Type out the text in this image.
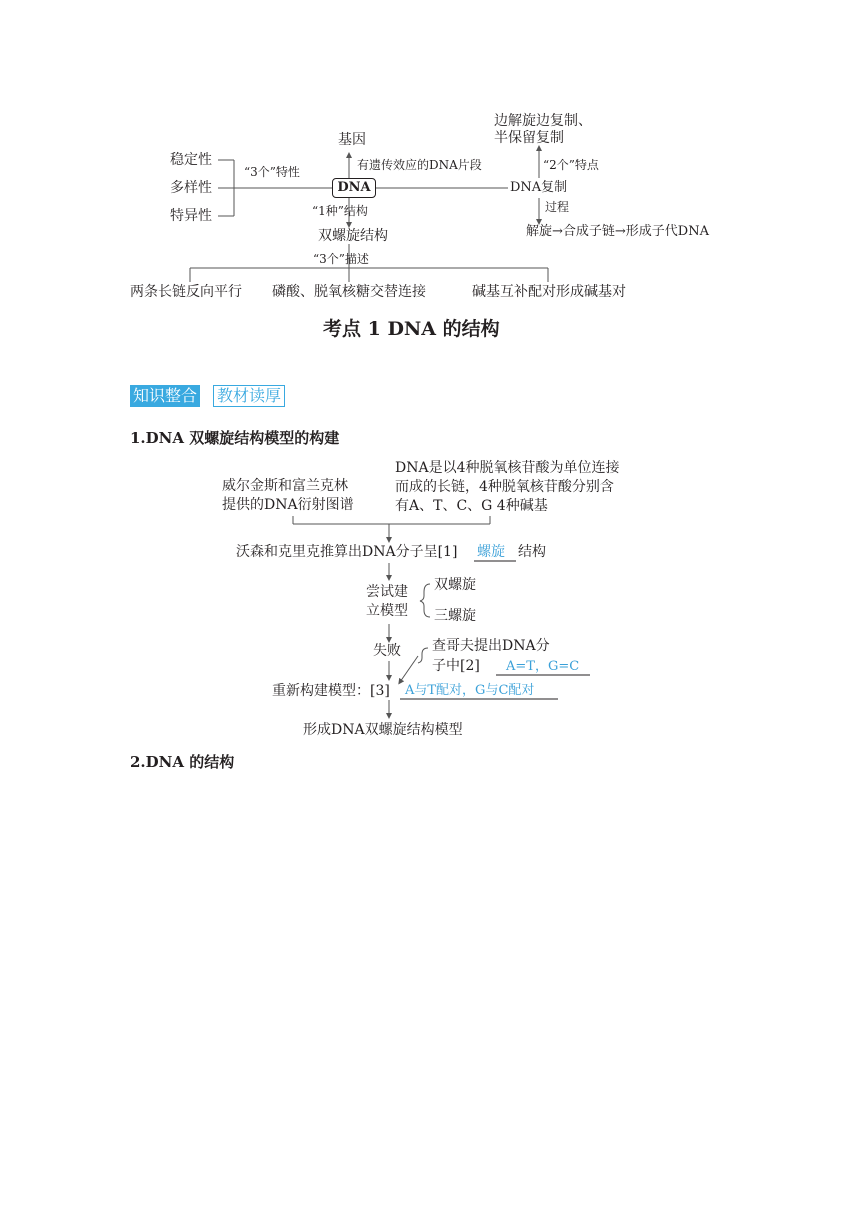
基因
有遗传效应的DNA片段
稳定性
多样性
特异性
“3个”特性
DNA	DNA复制
边解旋边复制、
半保留复制
“2个”特点
过程
解旋→合成子链→形成子代DNA
“1种”结构
双螺旋结构
“3个”描述
两条长链反向平行 磷酸、脱氧核糖交替连接	碱基互补配对形成碱基对
考点 1 DNA 的结构
知识整合 教材读厚
1.DNA 双螺旋结构模型的构建
威尔金斯和富兰克林
提供的DNA衍射图谱
DNA是以4种脱氧核苷酸为单位连接
而成的长链，4种脱氧核苷酸分别含
有A、T、C、G 4种碱基
沃森和克里克推算出DNA分子呈[1] 螺旋 结构
尝试建
立模型
双螺旋
三螺旋
失败 查哥夫提出DNA分
子中[2] A=T，G=C
重新构建模型：[3] A与T配对，G与C配对
形成DNA双螺旋结构模型
2.DNA 的结构
